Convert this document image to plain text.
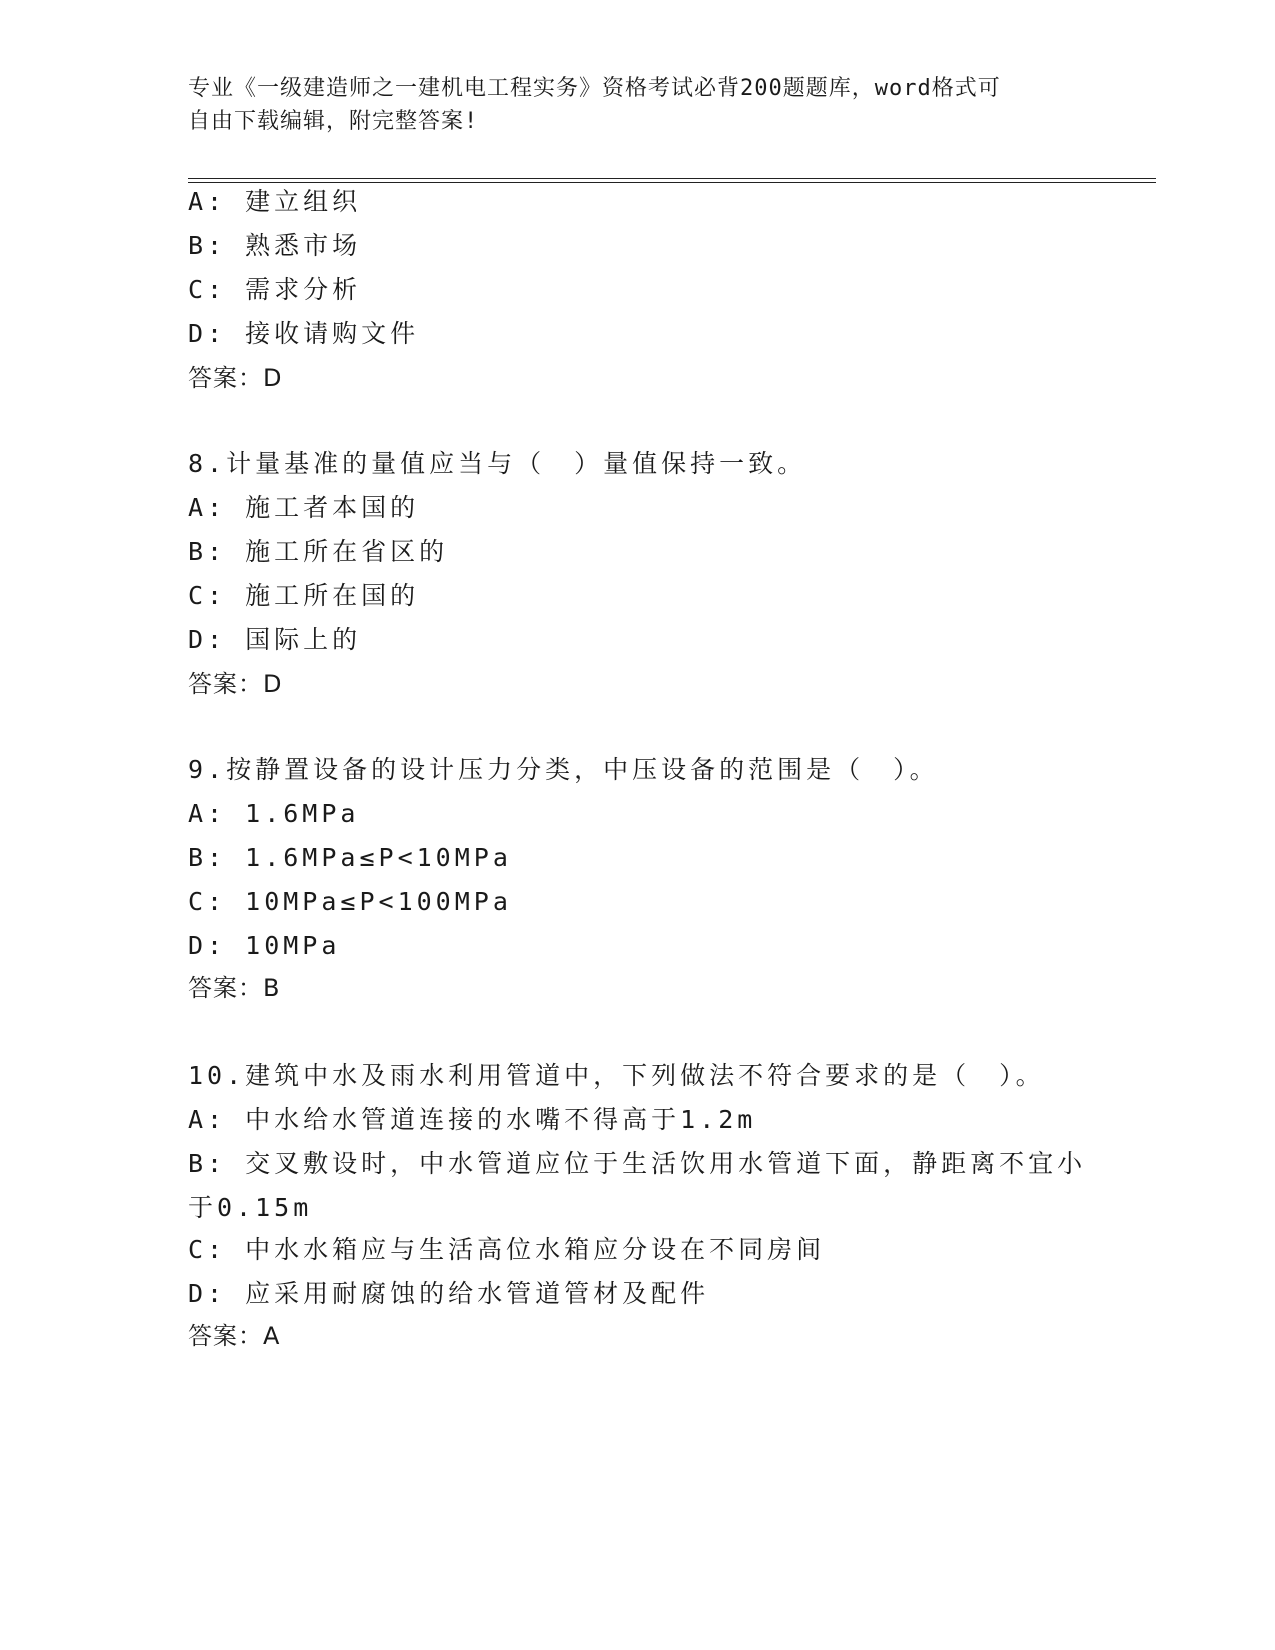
专业《一级建造师之一建机电工程实务》资格考试必背200题题库，word格式可

自由下载编辑，附完整答案!

A: 建立组织
B: 熟悉市场
C: 需求分析
D: 接收请购文件
答案：D
8.计量基准的量值应当与（　）量值保持一致。
A: 施工者本国的
B: 施工所在省区的
C: 施工所在国的
D: 国际上的
答案：D
9.按静置设备的设计压力分类，中压设备的范围是（　）。
A: 1.6MPa
B: 1.6MPa≤P<10MPa
C: 10MPa≤P<100MPa
D: 10MPa
答案：B
10.建筑中水及雨水利用管道中，下列做法不符合要求的是（　）。
A: 中水给水管道连接的水嘴不得高于1.2m
B: 交叉敷设时，中水管道应位于生活饮用水管道下面，静距离不宜小
于0.15m
C: 中水水箱应与生活高位水箱应分设在不同房间
D: 应采用耐腐蚀的给水管道管材及配件
答案：A
